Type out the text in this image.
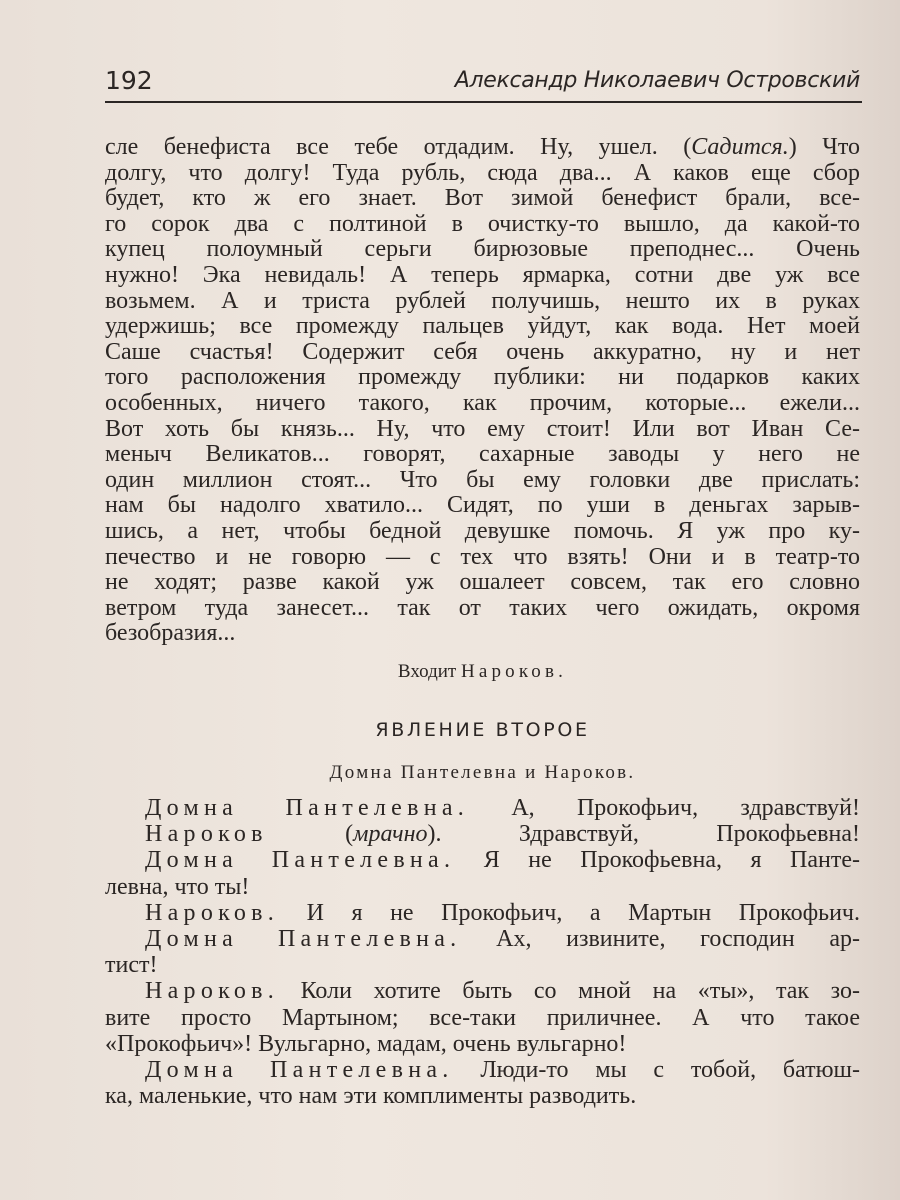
192	Александр Николаевич Островский
сле бенефиста все тебе отдадим. Ну, ушел. (Садится.) Что
долгу, что долгу! Туда рубль, сюда два... А каков еще сбор
будет, кто ж его знает. Вот зимой бенефист брали, все-
го сорок два с полтиной в очистку-то вышло, да какой-то
купец полоумный серьги бирюзовые преподнес... Очень
нужно! Эка невидаль! А теперь ярмарка, сотни две уж все
возьмем. А и триста рублей получишь, нешто их в руках
удержишь; все промежду пальцев уйдут, как вода. Нет моей
Саше счастья! Содержит себя очень аккуратно, ну и нет
того расположения промежду публики: ни подарков каких
особенных, ничего такого, как прочим, которые... ежели...
Вот хоть бы князь... Ну, что ему стоит! Или вот Иван Се-
меныч Великатов... говорят, сахарные заводы у него не
один миллион стоят... Что бы ему головки две прислать:
нам бы надолго хватило... Сидят, по уши в деньгах зарыв-
шись, а нет, чтобы бедной девушке помочь. Я уж про ку-
печество и не говорю — с тех что взять! Они и в театр-то
не ходят; разве какой уж ошалеет совсем, так его словно
ветром туда занесет... так от таких чего ожидать, окромя
безобразия...
Входит Нароков.
ЯВЛЕНИЕ ВТОРОЕ
Домна Пантелевна и Нароков.
Домна Пантелевна. А, Прокофьич, здравствуй!
Нароков (мрачно). Здравствуй, Прокофьевна!
Домна Пантелевна. Я не Прокофьевна, я Панте-
левна, что ты!
Нароков. И я не Прокофьич, а Мартын Прокофьич.
Домна Пантелевна. Ах, извините, господин ар-
тист!
Нароков. Коли хотите быть со мной на «ты», так зо-
вите просто Мартыном; все-таки приличнее. А что такое
«Прокофьич»! Вульгарно, мадам, очень вульгарно!
Домна Пантелевна. Люди-то мы с тобой, батюш-
ка, маленькие, что нам эти комплименты разводить.
